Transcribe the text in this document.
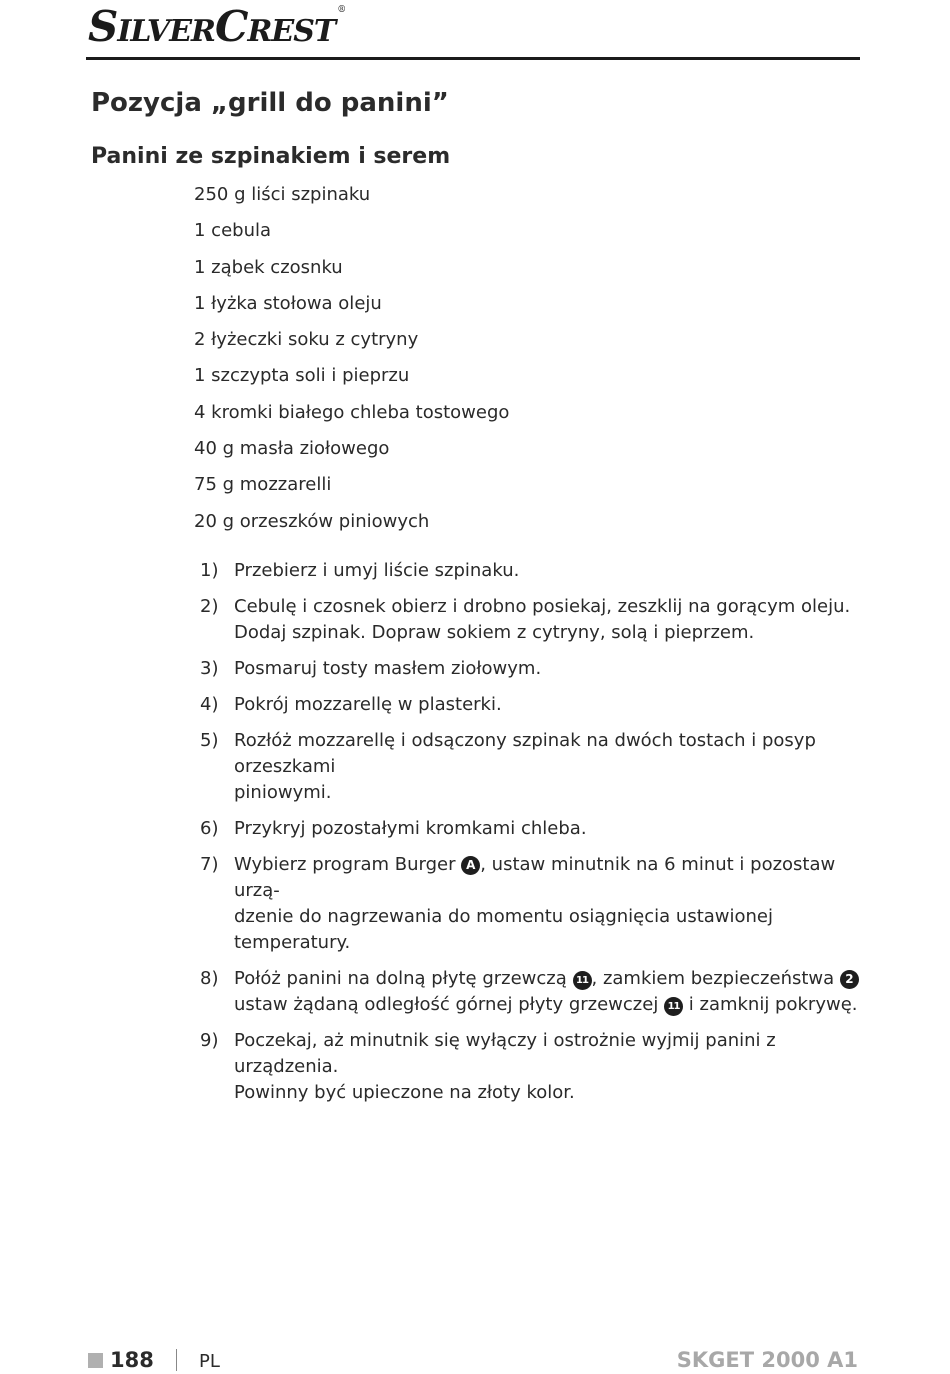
SILVERCREST®
Pozycja „grill do panini”
Panini ze szpinakiem i serem
250 g liści szpinaku
1 cebula
1 ząbek czosnku
1 łyżka stołowa oleju
2 łyżeczki soku z cytryny
1 szczypta soli i pieprzu
4 kromki białego chleba tostowego
40 g masła ziołowego
75 g mozzarelli
20 g orzeszków piniowych
1) Przebierz i umyj liście szpinaku.
2) Cebulę i czosnek obierz i drobno posiekaj, zeszklij na gorącym oleju.
Dodaj szpinak. Dopraw sokiem z cytryny, solą i pieprzem.
3) Posmaruj tosty masłem ziołowym.
4) Pokrój mozzarellę w plasterki.
5) Rozłóż mozzarellę i odsączony szpinak na dwóch tostach i posyp orzeszkami
piniowymi.
6) Przykryj pozostałymi kromkami chleba.
7) Wybierz program Burger A , ustaw minutnik na 6 minut i pozostaw urzą-
dzenie do nagrzewania do momentu osiągnięcia ustawionej temperatury.
8) Połóż panini na dolną płytę grzewczą 11 , zamkiem bezpieczeństwa 2
ustaw żądaną odległość górnej płyty grzewczej 11 i zamknij pokrywę.
9) Poczekaj, aż minutnik się wyłączy i ostrożnie wyjmij panini z urządzenia.
Powinny być upieczone na złoty kolor.
188	PL	SKGET 2000 A1
